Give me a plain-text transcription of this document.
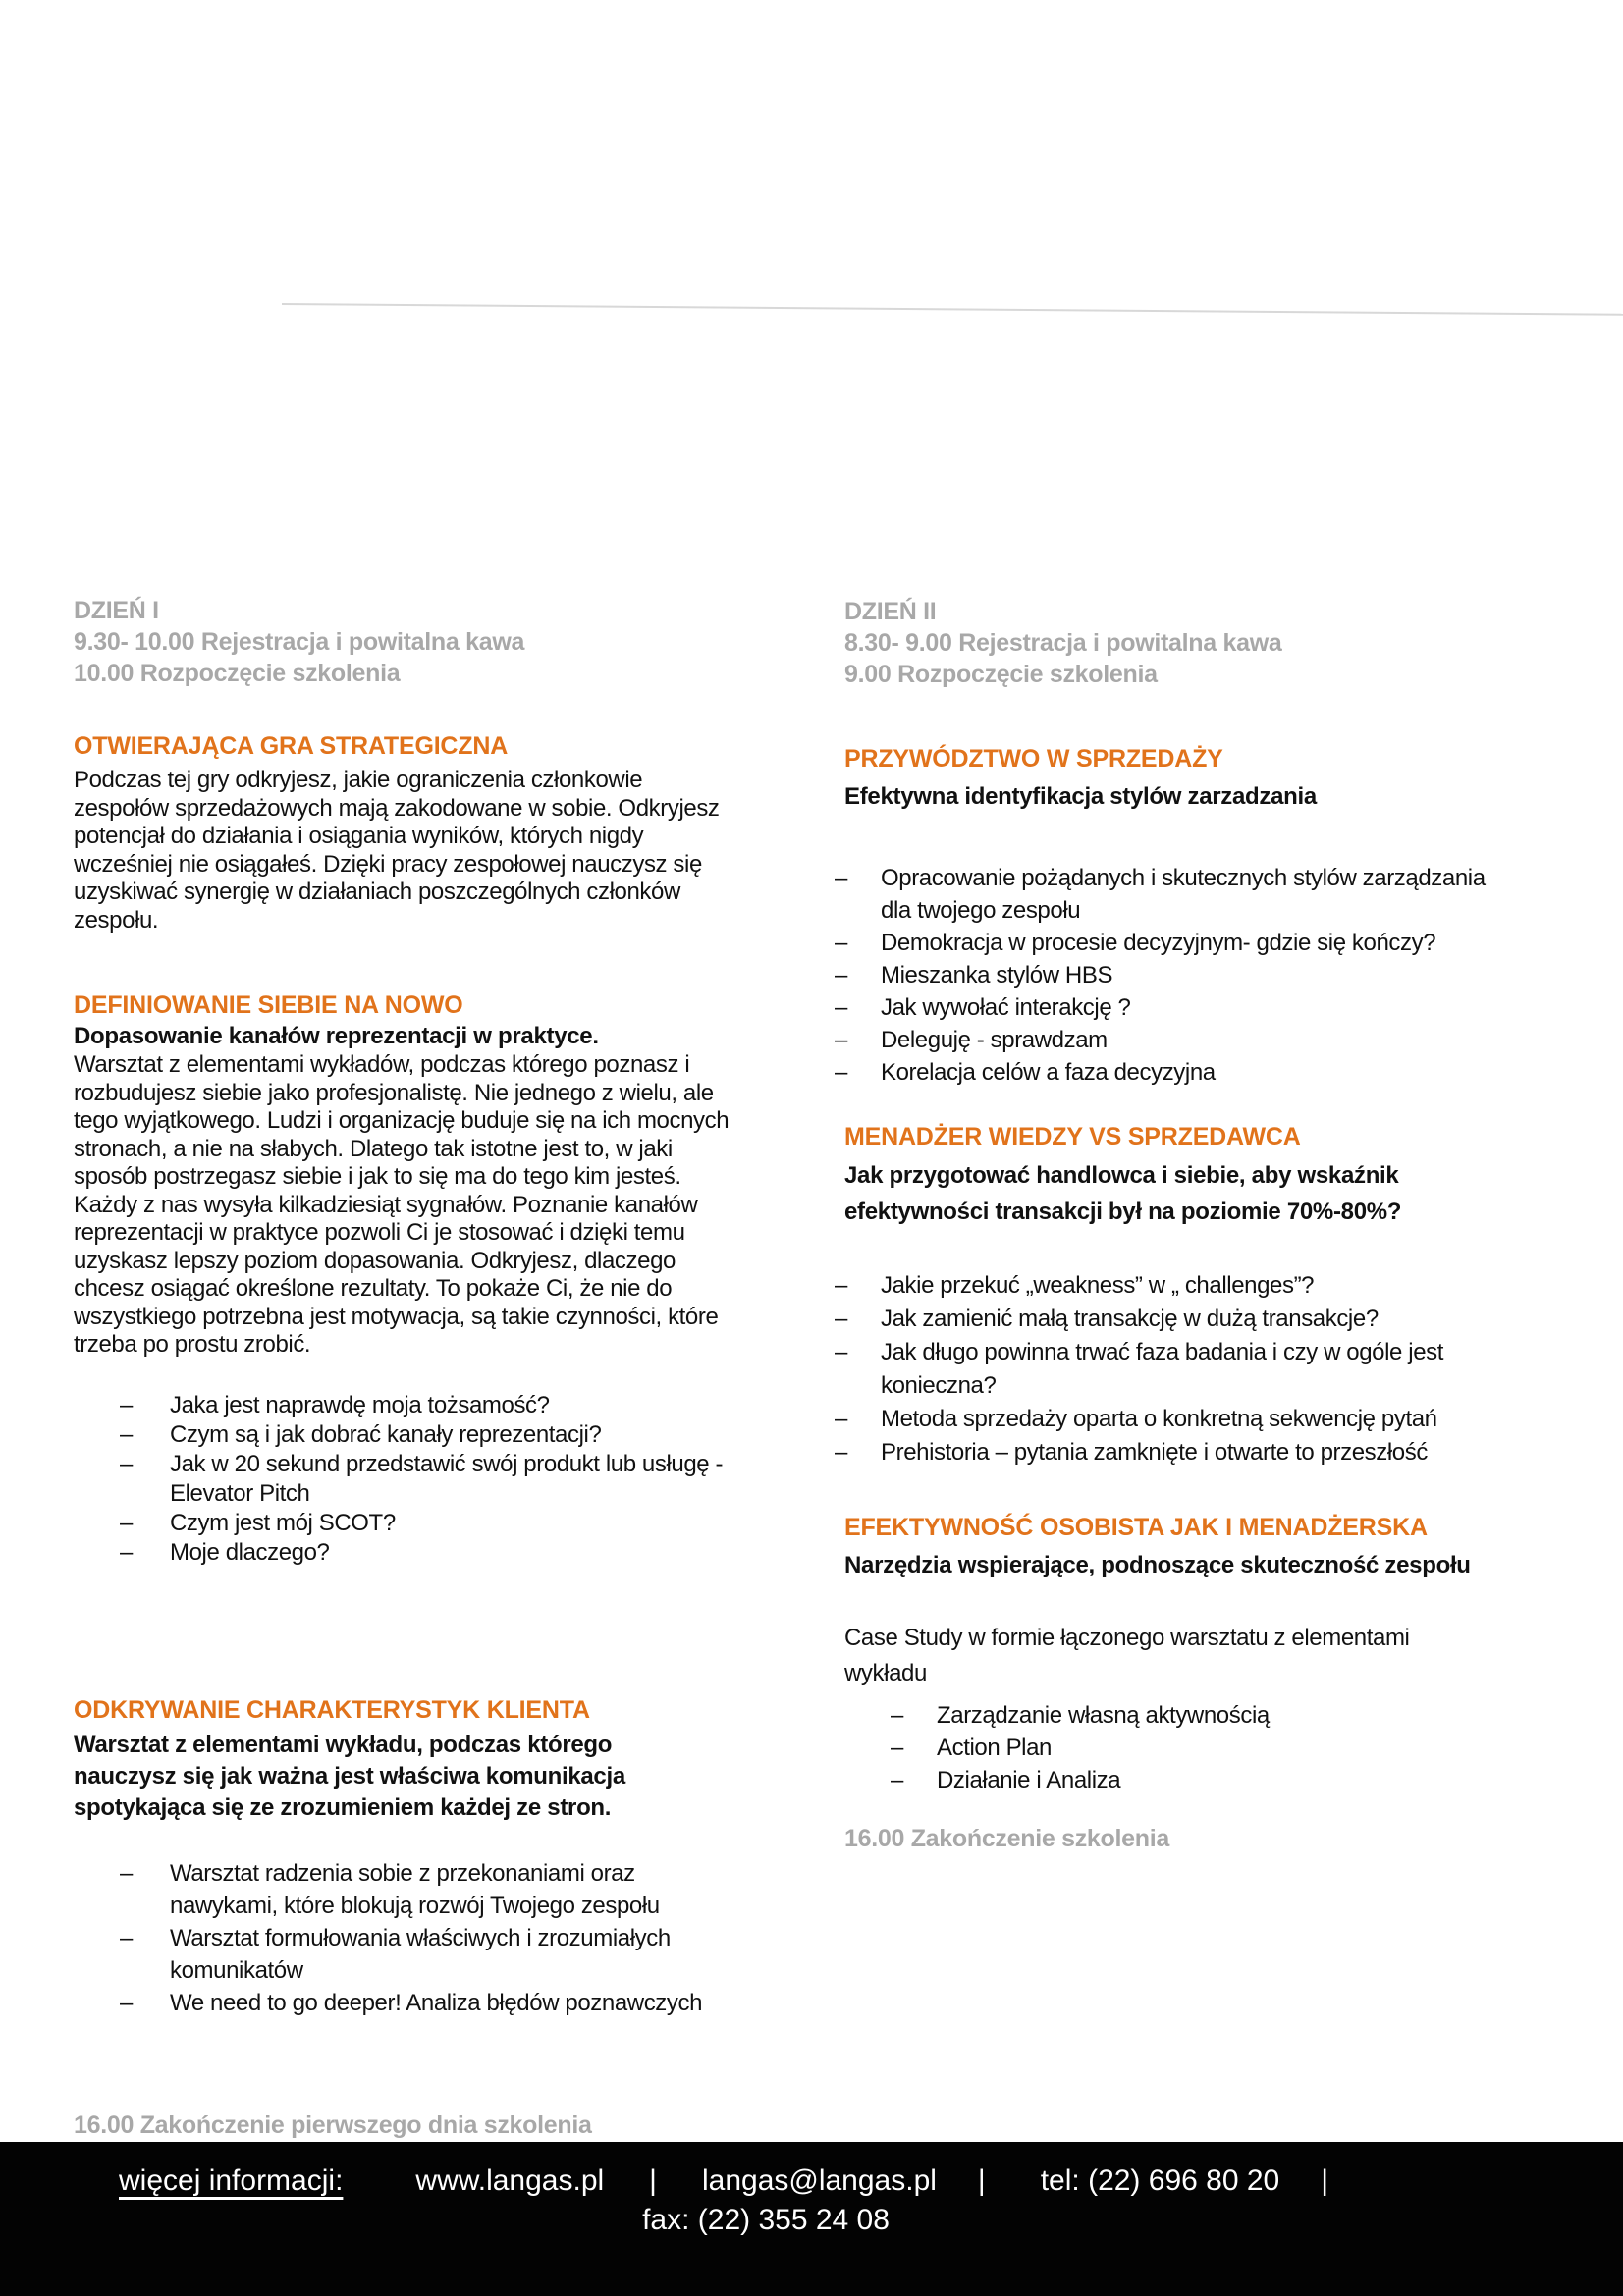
DZIEŃ I
9.30- 10.00 Rejestracja i powitalna kawa
10.00 Rozpoczęcie szkolenia
OTWIERAJĄCA GRA STRATEGICZNA

Podczas tej gry odkryjesz, jakie ograniczenia członkowie zespołów sprzedażowych mają zakodowane w sobie. Odkryjesz potencjał do działania i osiągania wyników, których nigdy wcześniej nie osiągałeś. Dzięki pracy zespołowej nauczysz się uzyskiwać synergię w działaniach poszczególnych członków zespołu.

DEFINIOWANIE SIEBIE NA NOWO

Dopasowanie kanałów reprezentacji w praktyce.

Warsztat z elementami wykładów, podczas którego poznasz i rozbudujesz siebie jako profesjonalistę. Nie jednego z wielu, ale tego wyjątkowego. Ludzi i organizację buduje się na ich mocnych stronach, a nie na słabych. Dlatego tak istotne jest to, w jaki sposób postrzegasz siebie i jak to się ma do tego kim jesteś. Każdy z nas wysyła kilkadziesiąt sygnałów. Poznanie kanałów reprezentacji w praktyce pozwoli Ci je stosować i dzięki temu uzyskasz lepszy poziom dopasowania. Odkryjesz, dlaczego chcesz osiągać określone rezultaty. To pokaże Ci, że nie do wszystkiego potrzebna jest motywacja, są takie czynności, które trzeba po prostu zrobić.

–	Jaka jest naprawdę moja tożsamość?
–	Czym są i jak dobrać kanały reprezentacji?
–	Jak w 20 sekund przedstawić swój produkt lub usługę - Elevator Pitch
–	Czym jest mój SCOT?
–	Moje dlaczego?
ODKRYWANIE CHARAKTERYSTYK KLIENTA

Warsztat z elementami wykładu, podczas którego nauczysz się jak ważna jest właściwa komunikacja spotykająca się ze zrozumieniem każdej ze stron.

–	Warsztat radzenia sobie z przekonaniami oraz nawykami, które blokują rozwój Twojego zespołu
–	Warsztat formułowania właściwych i zrozumiałych komunikatów
–	We need to go deeper! Analiza błędów poznawczych
16.00 Zakończenie pierwszego dnia szkolenia
DZIEŃ II
8.30- 9.00 Rejestracja i powitalna kawa
9.00 Rozpoczęcie szkolenia
PRZYWÓDZTWO W SPRZEDAŻY

Efektywna identyfikacja stylów zarzadzania

–	Opracowanie pożądanych i skutecznych stylów zarządzania dla twojego zespołu
–	Demokracja w procesie decyzyjnym- gdzie się kończy?
–	Mieszanka stylów HBS
–	Jak wywołać interakcję ?
–	Deleguję - sprawdzam
–	Korelacja celów a faza decyzyjna
MENADŻER WIEDZY VS SPRZEDAWCA

Jak przygotować handlowca i siebie, aby wskaźnik efektywności transakcji był na poziomie 70%-80%?

–	Jakie przekuć „weakness” w „ challenges”?
–	Jak zamienić małą transakcję w dużą transakcje?
–	Jak długo powinna trwać faza badania i czy w ogóle jest konieczna?
–	Metoda sprzedaży oparta o konkretną sekwencję pytań
–	Prehistoria – pytania zamknięte i otwarte to przeszłość
EFEKTYWNOŚĆ OSOBISTA JAK I MENADŻERSKA

Narzędzia wspierające, podnoszące skuteczność zespołu

Case Study w formie łączonego warsztatu z elementami wykładu

–	Zarządzanie własną aktywnością
–	Action Plan
–	Działanie i Analiza
16.00 Zakończenie szkolenia
więcej informacji: www.langas.pl | langas@langas.pl | tel: (22) 696 80 20 |
fax: (22) 355 24 08
